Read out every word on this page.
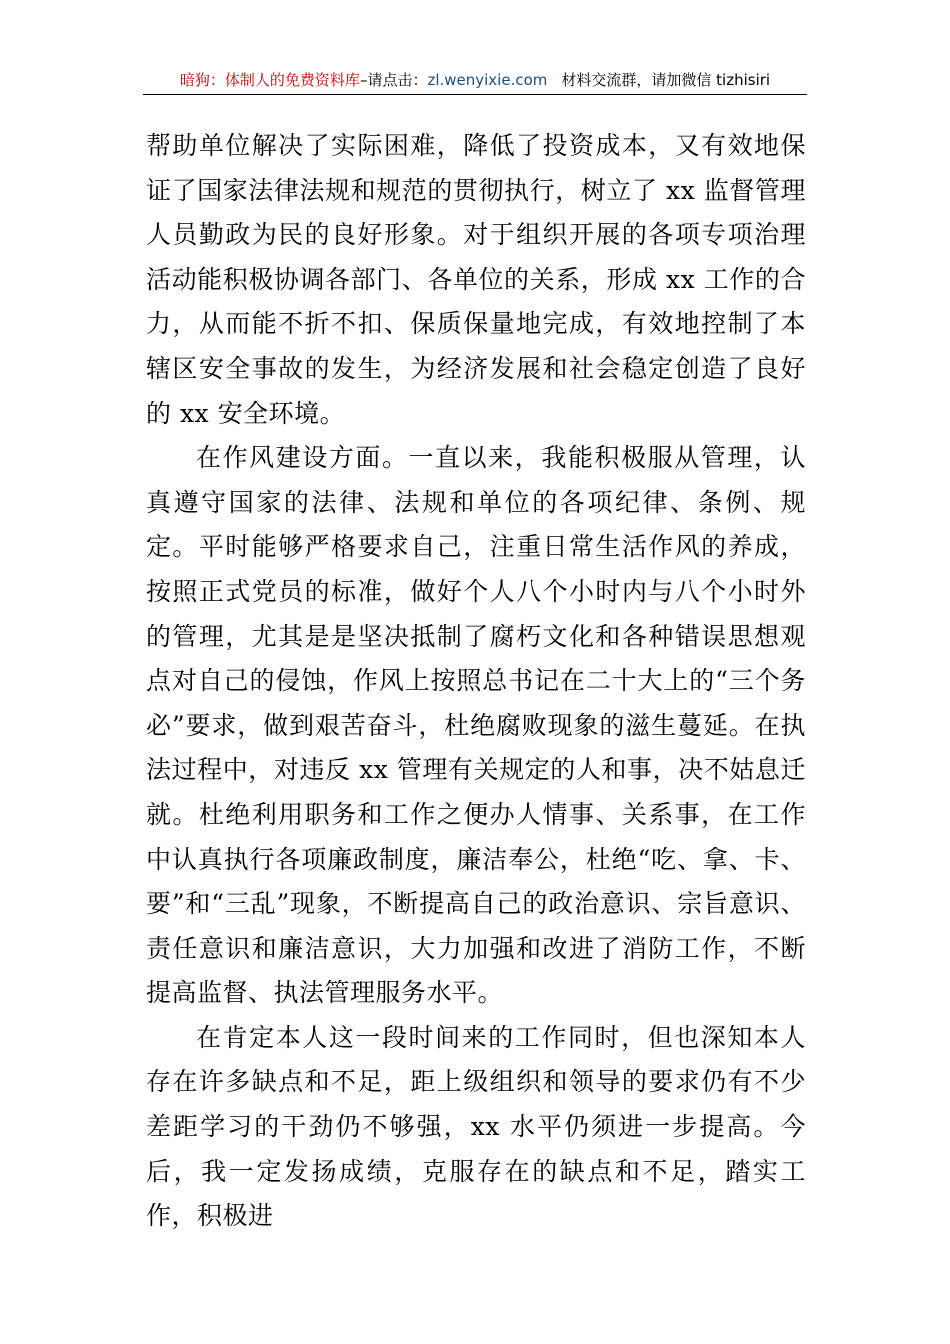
暗狗：体制人的免费资料库 –请点击： zl.wenyixie.com 材料交流群，请加微信 tizhisiri

帮助单位解决了实际困难，降低了投资成本，又有效地保证了国家法律法规和规范的贯彻执行，树立了 xx 监督管理人员勤政为民的良好形象。对于组织开展的各项专项治理活动能积极协调各部门、各单位的关系，形成 xx 工作的合力，从而能不折不扣、保质保量地完成，有效地控制了本辖区安全事故的发生，为经济发展和社会稳定创造了良好的 xx 安全环境。

在作风建设方面。一直以来，我能积极服从管理，认真遵守国家的法律、法规和单位的各项纪律、条例、规定。平时能够严格要求自己，注重日常生活作风的养成，按照正式党员的标准，做好个人八个小时内与八个小时外的管理，尤其是是坚决抵制了腐朽文化和各种错误思想观点对自己的侵蚀，作风上按照总书记在二十大上的“三个务必”要求，做到艰苦奋斗，杜绝腐败现象的滋生蔓延。在执法过程中，对违反 xx 管理有关规定的人和事，决不姑息迁就。杜绝利用职务和工作之便办人情事、关系事，在工作中认真执行各项廉政制度，廉洁奉公，杜绝“吃、拿、卡、要”和“三乱”现象，不断提高自己的政治意识、宗旨意识、责任意识和廉洁意识，大力加强和改进了消防工作，不断提高监督、执法管理服务水平。

在肯定本人这一段时间来的工作同时，但也深知本人存在许多缺点和不足，距上级组织和领导的要求仍有不少差距学习的干劲仍不够强，xx 水平仍须进一步提高。今后，我一定发扬成绩，克服存在的缺点和不足，踏实工作，积极进
